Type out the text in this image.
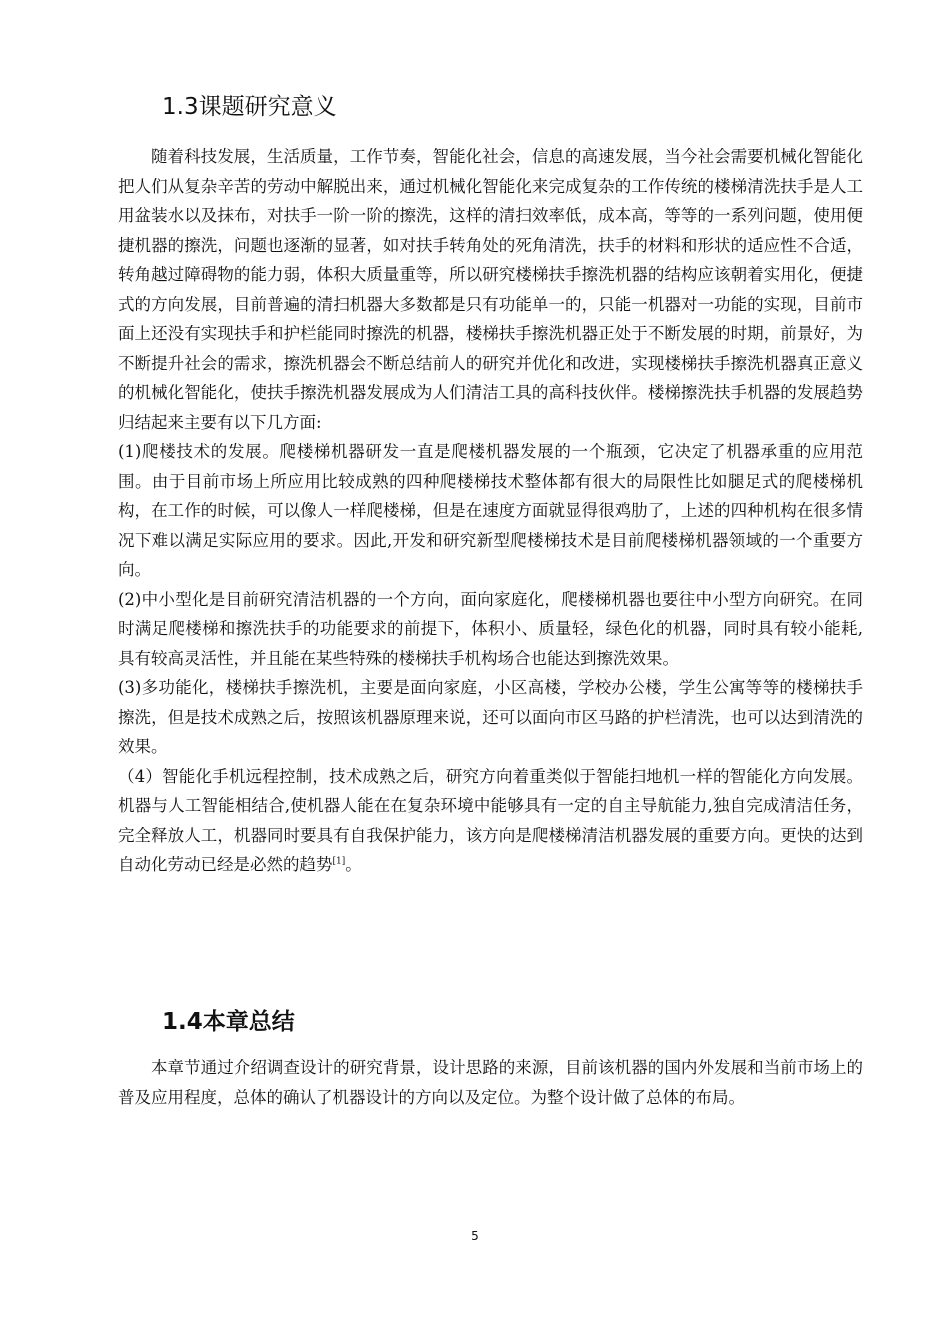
1.3课题研究意义

随着科技发展，生活质量，工作节奏，智能化社会，信息的高速发展，当今社会需要机械化智能化把人们从复杂辛苦的劳动中解脱出来，通过机械化智能化来完成复杂的工作传统的楼梯清洗扶手是人工用盆装水以及抹布，对扶手一阶一阶的擦洗，这样的清扫效率低，成本高，等等的一系列问题，使用便捷机器的擦洗，问题也逐渐的显著，如对扶手转角处的死角清洗，扶手的材料和形状的适应性不合适，转角越过障碍物的能力弱，体积大质量重等，所以研究楼梯扶手擦洗机器的结构应该朝着实用化，便捷式的方向发展，目前普遍的清扫机器大多数都是只有功能单一的，只能一机器对一功能的实现，目前市面上还没有实现扶手和护栏能同时擦洗的机器，楼梯扶手擦洗机器正处于不断发展的时期，前景好，为不断提升社会的需求，擦洗机器会不断总结前人的研究并优化和改进，实现楼梯扶手擦洗机器真正意义的机械化智能化，使扶手擦洗机器发展成为人们清洁工具的高科技伙伴。楼梯擦洗扶手机器的发展趋势归结起来主要有以下几方面:

(1)爬楼技术的发展。爬楼梯机器研发一直是爬楼机器发展的一个瓶颈，它决定了机器承重的应用范围。由于目前市场上所应用比较成熟的四种爬楼梯技术整体都有很大的局限性比如腿足式的爬楼梯机构，在工作的时候，可以像人一样爬楼梯，但是在速度方面就显得很鸡肋了，上述的四种机构在很多情况下难以满足实际应用的要求。因此,开发和研究新型爬楼梯技术是目前爬楼梯机器领域的一个重要方向。

(2)中小型化是目前研究清洁机器的一个方向，面向家庭化，爬楼梯机器也要往中小型方向研究。在同时满足爬楼梯和擦洗扶手的功能要求的前提下，体积小、质量轻，绿色化的机器，同时具有较小能耗,具有较高灵活性，并且能在某些特殊的楼梯扶手机构场合也能达到擦洗效果。

(3)多功能化，楼梯扶手擦洗机，主要是面向家庭，小区高楼，学校办公楼，学生公寓等等的楼梯扶手擦洗，但是技术成熟之后，按照该机器原理来说，还可以面向市区马路的护栏清洗，也可以达到清洗的效果。

（4）智能化手机远程控制，技术成熟之后，研究方向着重类似于智能扫地机一样的智能化方向发展。机器与人工智能相结合,使机器人能在在复杂环境中能够具有一定的自主导航能力,独自完成清洁任务，完全释放人工，机器同时要具有自我保护能力，该方向是爬楼梯清洁机器发展的重要方向。更快的达到自动化劳动已经是必然的趋势[1]。

1.4本章总结

本章节通过介绍调查设计的研究背景，设计思路的来源，目前该机器的国内外发展和当前市场上的普及应用程度，总体的确认了机器设计的方向以及定位。为整个设计做了总体的布局。

5
